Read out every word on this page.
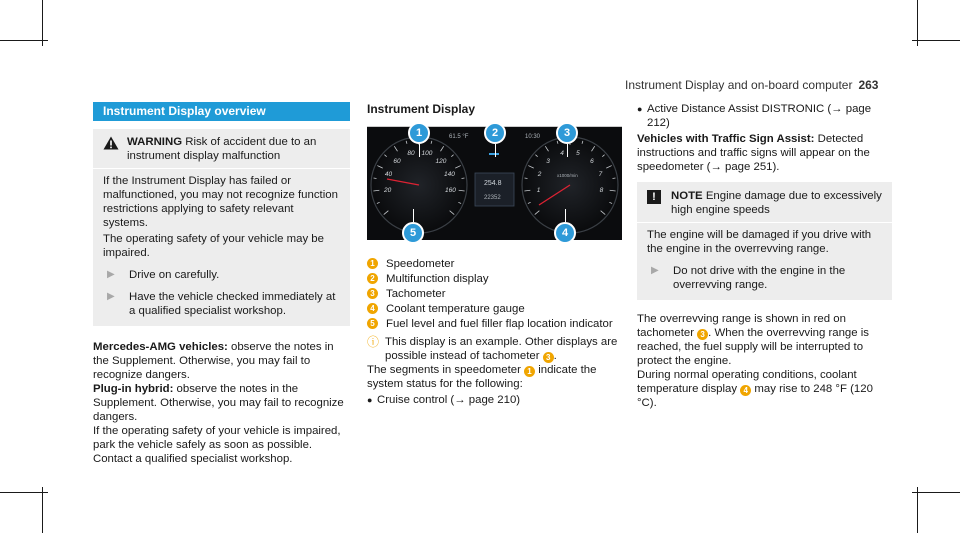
Instrument Display and on-board computer 263
Instrument Display overview
WARNING Risk of accident due to an instrument display malfunction
If the Instrument Display has failed or malfunctioned, you may not recognize function restrictions applying to safety relevant systems.
The operating safety of your vehicle may be impaired.
▶	Drive on carefully.
▶	Have the vehicle checked immediately at a qualified specialist workshop.
Mercedes-AMG vehicles: observe the notes in the Supplement. Otherwise, you may fail to recognize dangers.
Plug-in hybrid: observe the notes in the Supplement. Otherwise, you may fail to recognize dangers.
If the operating safety of your vehicle is impaired, park the vehicle safely as soon as possible. Contact a qualified specialist workshop.
Instrument Display
61.5 °F	10:30
254.8
22352
x1000/min
20
40
60
80 100
120
140
160	1
2
3
4 5
6
7
8
1	2	3
4
5
1 Speedometer
2 Multifunction display
3 Tachometer
4 Coolant temperature gauge
5 Fuel level and fuel filler flap location indicator
ⓘ This display is an example. Other displays are possible instead of tachometer 3 .
The segments in speedometer 1 indicate the system status for the following:
● Cruise control (→ page 210)
● Active Distance Assist DISTRONIC (→ page 212)
Vehicles with Traffic Sign Assist: Detected instructions and traffic signs will appear on the speedometer (→ page 251).
!	NOTE Engine damage due to excessively high engine speeds
The engine will be damaged if you drive with the engine in the overrevving range.
▶	Do not drive with the engine in the overrevving range.
The overrevving range is shown in red on tachometer 3 . When the overrevving range is reached, the fuel supply will be interrupted to protect the engine.
During normal operating conditions, coolant temperature display 4 may rise to 248 °F (120 °C).
